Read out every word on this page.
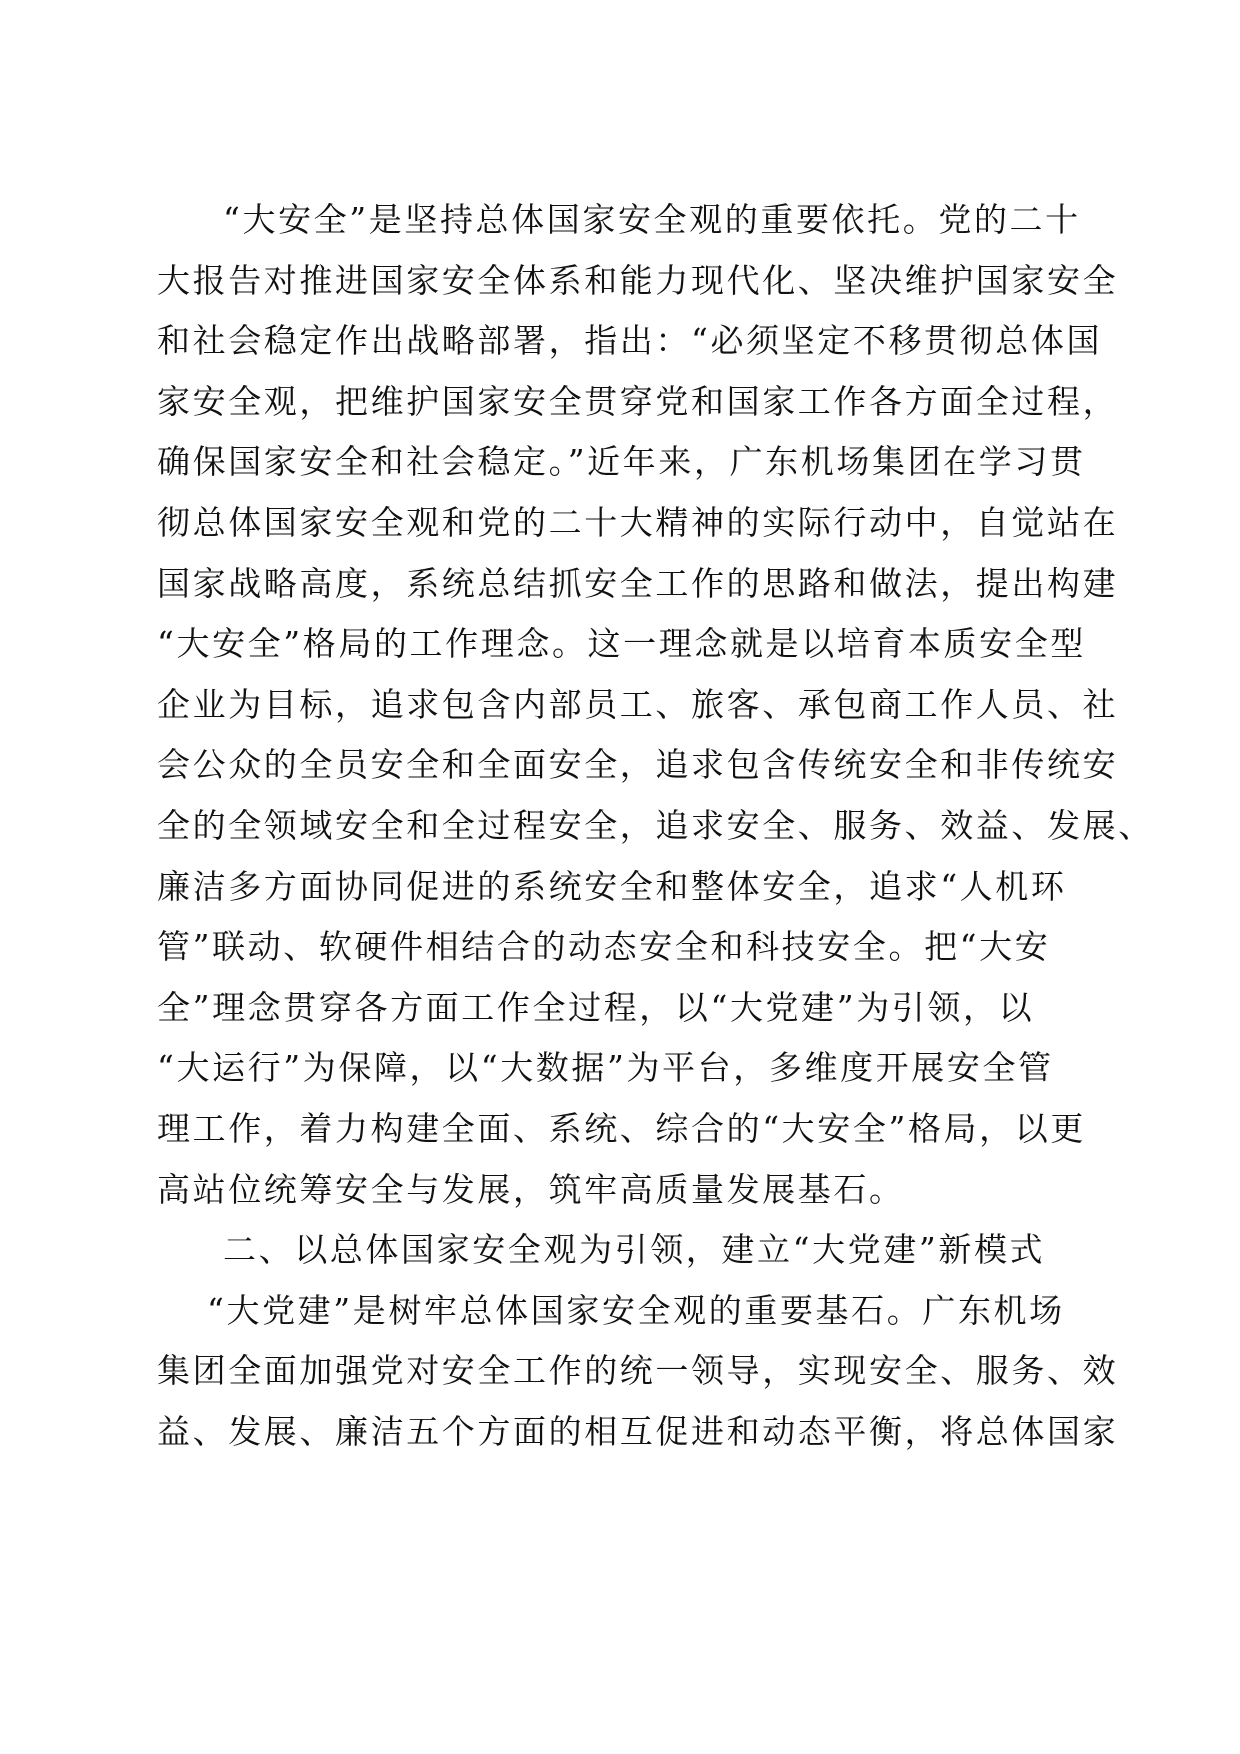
“大安全”是坚持总体国家安全观的重要依托。党的二十
大报告对推进国家安全体系和能力现代化、坚决维护国家安全
和社会稳定作出战略部署，指出：“必须坚定不移贯彻总体国
家安全观，把维护国家安全贯穿党和国家工作各方面全过程，
确保国家安全和社会稳定。”近年来，广东机场集团在学习贯
彻总体国家安全观和党的二十大精神的实际行动中，自觉站在
国家战略高度，系统总结抓安全工作的思路和做法，提出构建
“大安全”格局的工作理念。这一理念就是以培育本质安全型
企业为目标，追求包含内部员工、旅客、承包商工作人员、社
会公众的全员安全和全面安全，追求包含传统安全和非传统安
全的全领域安全和全过程安全，追求安全、服务、效益、发展、
廉洁多方面协同促进的系统安全和整体安全，追求“人机环
管”联动、软硬件相结合的动态安全和科技安全。把“大安
全”理念贯穿各方面工作全过程，以“大党建”为引领，以
“大运行”为保障，以“大数据”为平台，多维度开展安全管
理工作，着力构建全面、系统、综合的“大安全”格局，以更
高站位统筹安全与发展，筑牢高质量发展基石。
二、以总体国家安全观为引领，建立“大党建”新模式
“大党建”是树牢总体国家安全观的重要基石。广东机场
集团全面加强党对安全工作的统一领导，实现安全、服务、效
益、发展、廉洁五个方面的相互促进和动态平衡，将总体国家
